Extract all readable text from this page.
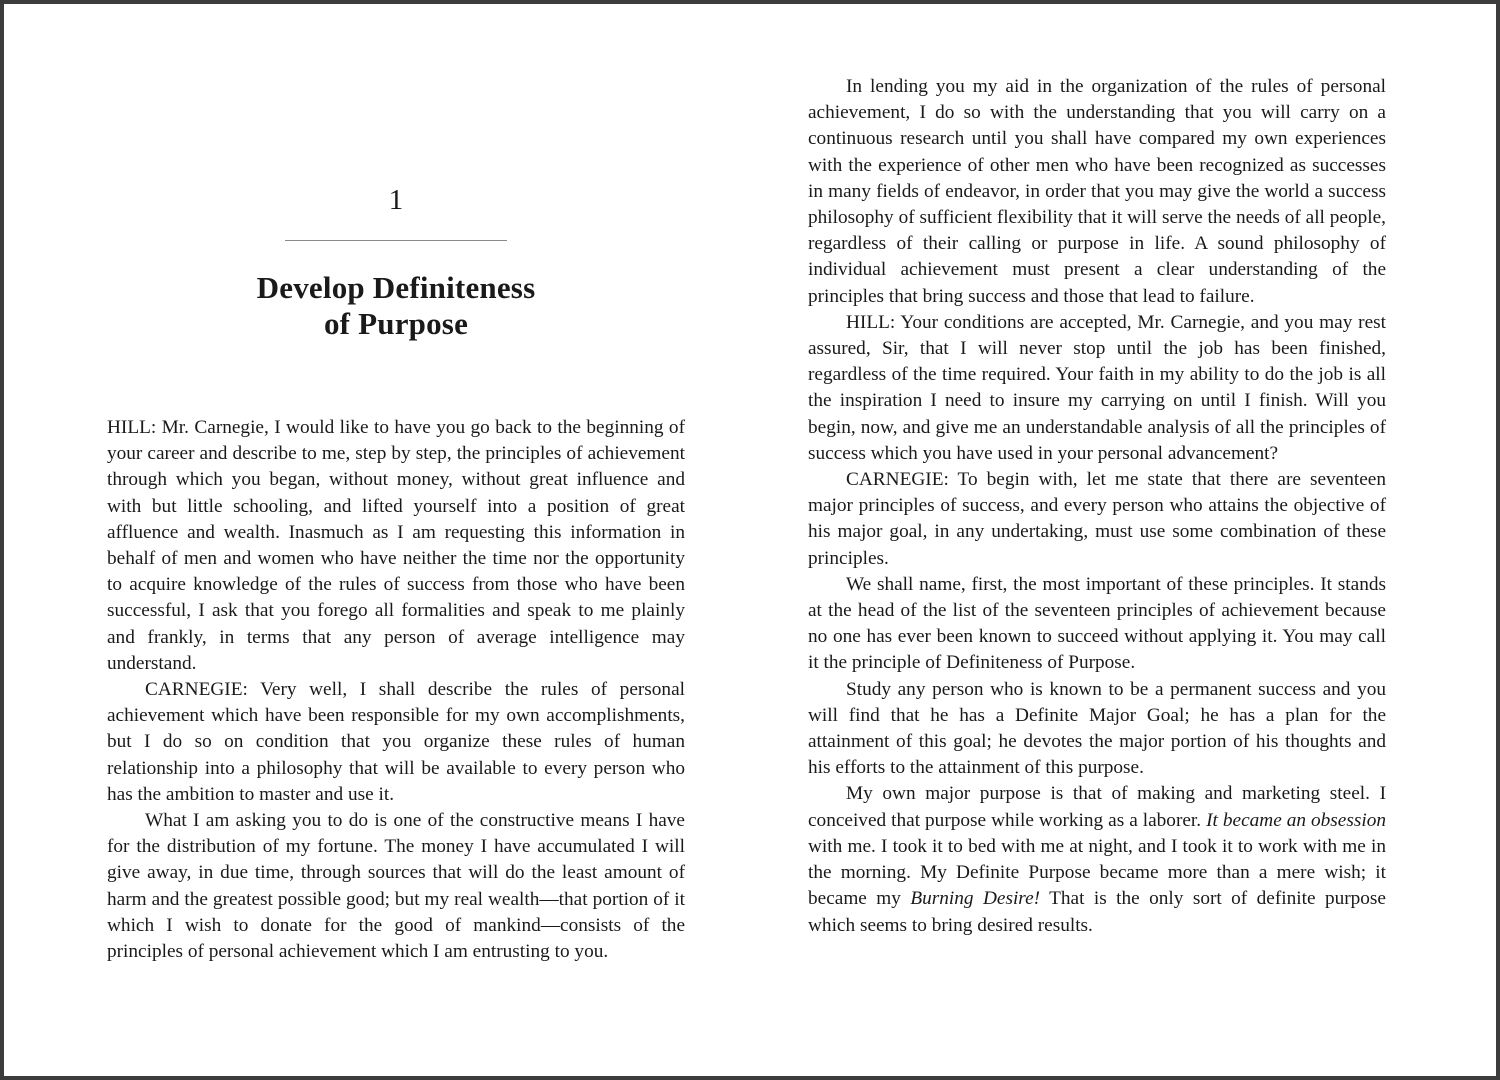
1
Develop Definiteness
of Purpose

HILL: Mr. Carnegie, I would like to have you go back to the beginning of your career and describe to me, step by step, the principles of achievement through which you began, without money, without great influence and with but little schooling, and lifted yourself into a position of great affluence and wealth. Inasmuch as I am requesting this information in behalf of men and women who have neither the time nor the opportunity to acquire knowledge of the rules of success from those who have been successful, I ask that you forego all formalities and speak to me plainly and frankly, in terms that any person of average intelligence may understand.

CARNEGIE: Very well, I shall describe the rules of personal achievement which have been responsible for my own accomplishments, but I do so on condition that you organize these rules of human relationship into a philosophy that will be available to every person who has the ambition to master and use it.

What I am asking you to do is one of the constructive means I have for the distribution of my fortune. The money I have accumulated I will give away, in due time, through sources that will do the least amount of harm and the greatest possible good; but my real wealth—that portion of it which I wish to donate for the good of mankind—consists of the principles of personal achievement which I am entrusting to you.

In lending you my aid in the organization of the rules of personal achievement, I do so with the understanding that you will carry on a continuous research until you shall have compared my own experiences with the experience of other men who have been recognized as successes in many fields of endeavor, in order that you may give the world a success philosophy of sufficient flexibility that it will serve the needs of all people, regardless of their calling or purpose in life. A sound philosophy of individual achievement must present a clear understanding of the principles that bring success and those that lead to failure.

HILL: Your conditions are accepted, Mr. Carnegie, and you may rest assured, Sir, that I will never stop until the job has been finished, regardless of the time required. Your faith in my ability to do the job is all the inspiration I need to insure my carrying on until I finish. Will you begin, now, and give me an understandable analysis of all the principles of success which you have used in your personal advancement?

CARNEGIE: To begin with, let me state that there are seventeen major principles of success, and every person who attains the objective of his major goal, in any undertaking, must use some combination of these principles.

We shall name, first, the most important of these principles. It stands at the head of the list of the seventeen principles of achievement because no one has ever been known to succeed without applying it. You may call it the principle of Definiteness of Purpose.

Study any person who is known to be a permanent success and you will find that he has a Definite Major Goal; he has a plan for the attainment of this goal; he devotes the major portion of his thoughts and his efforts to the attainment of this purpose.

My own major purpose is that of making and marketing steel. I conceived that purpose while working as a laborer. It became an obsession with me. I took it to bed with me at night, and I took it to work with me in the morning. My Definite Purpose became more than a mere wish; it became my Burning Desire! That is the only sort of definite purpose which seems to bring desired results.
